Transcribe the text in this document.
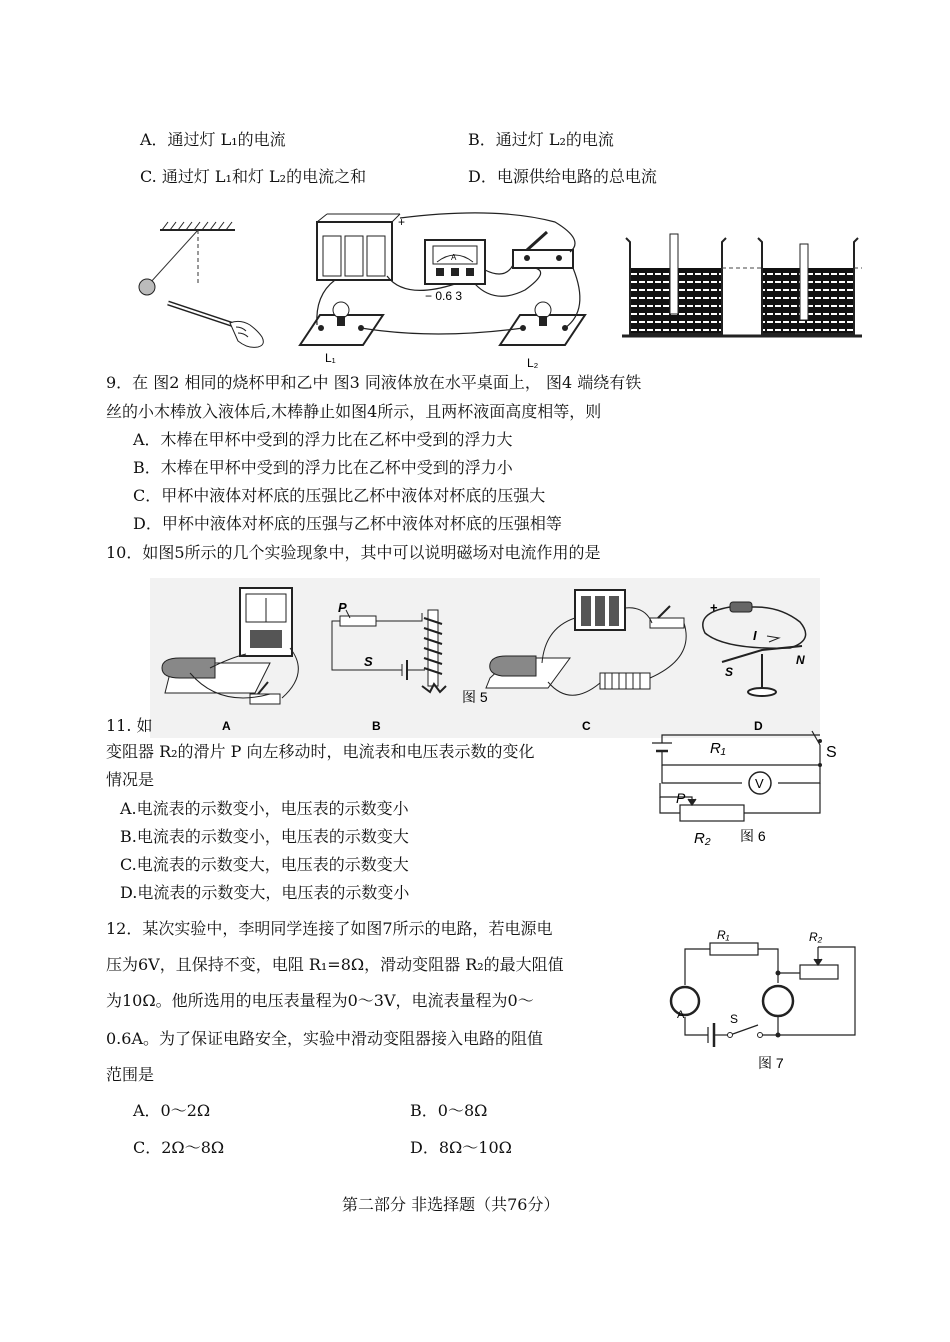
A．通过灯 L₁的电流	B．通过灯 L₂的电流
C. 通过灯 L₁和灯 L₂的电流之和	D．电源供给电路的总电流
+
A
− 0.6 3
L₁	L₂
9．在 图2 相同的烧杯甲和乙中 图3 同液体放在水平桌面上， 图4 端绕有铁
丝的小木棒放入液体后,木棒静止如图4所示，且两杯液面高度相等，则
A．木棒在甲杯中受到的浮力比在乙杯中受到的浮力大
B．木棒在甲杯中受到的浮力比在乙杯中受到的浮力小
C．甲杯中液体对杯底的压强比乙杯中液体对杯底的压强大
D．甲杯中液体对杯底的压强与乙杯中液体对杯底的压强相等
10．如图5所示的几个实验现象中，其中可以说明磁场对电流作用的是
A
P
S
B	C
+
I
S
N
D
图 5
11. 如
变阻器 R₂的滑片 P 向左移动时，电流表和电压表示数的变化
情况是
A.电流表的示数变小，电压表的示数变小
B.电流表的示数变小，电压表的示数变大
C.电流表的示数变大，电压表的示数变大
D.电流表的示数变大，电压表的示数变小
V
R₁	S
P
R₂ 图 6
12．某次实验中，李明同学连接了如图7所示的电路，若电源电
压为6V，且保持不变，电阻 R₁=8Ω，滑动变阻器 R₂的最大阻值
为10Ω。他所选用的电压表量程为0～3V，电流表量程为0～
0.6A。为了保证电路安全，实验中滑动变阻器接入电路的阻值
范围是
A．0～2Ω	B．0～8Ω
C．2Ω～8Ω	D．8Ω～10Ω
A
R₁	R₂
S
图 7
第二部分 非选择题（共76分）
